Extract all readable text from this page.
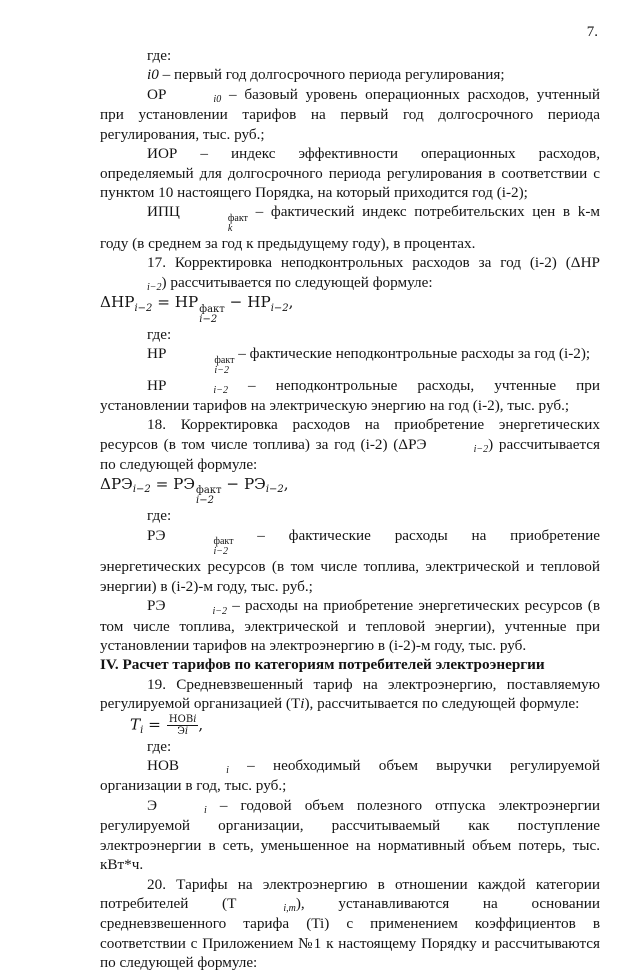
7.

где:

i0 – первый год долгосрочного периода регулирования;

ОР	i0 – базовый уровень операционных расходов, учтенный при установлении тарифов на первый год долгосрочного периода регулирования, тыс. руб.;

ИОР – индекс эффективности операционных расходов, определяемый для долгосрочного периода регулирования в соответствии с пунктом 10 настоящего Порядка, на который приходится год (i-2);

ИПЦ	факт
k
– фактический индекс потребительских цен в k-м году (в среднем за год к предыдущему году), в процентах.

17. Корректировка неподконтрольных расходов за год (i-2) (ΔНРi−2) рассчитывается по следующей формуле:

ΔНРi−2 = НР факт
i−2
− НРi−2,

где:

НР	факт
i−2
– фактические неподконтрольные расходы за год (i-2);

НР	i−2 – неподконтрольные расходы, учтенные при установлении тарифов на электрическую энергию на год (i-2), тыс. руб.;

18. Корректировка расходов на приобретение энергетических ресурсов (в том числе топлива) за год (i-2) (ΔРЭ	i−2) рассчитывается по следующей формуле:

ΔРЭi−2 = РЭ факт
i−2
− РЭi−2,

где:

РЭ	факт
i−2
– фактические расходы на приобретение энергетических ресурсов (в том числе топлива, электрической и тепловой энергии) в (i-2)-м году, тыс. руб.;

РЭ	i−2 – расходы на приобретение энергетических ресурсов (в том числе топлива, электрической и тепловой энергии), учтенные при установлении тарифов на электроэнергию в (i-2)-м году, тыс. руб.

IV. Расчет тарифов по категориям потребителей электроэнергии

19. Средневзвешенный тариф на электроэнергию, поставляемую регулируемой организацией (Тi), рассчитывается по следующей формуле:

$Ti = \frac{\text{НОВi}}{Эi}$ ,

где:

НОВ	i – необходимый объем выручки регулируемой организации в год, тыс. руб.;

Э	i – годовой объем полезного отпуска электроэнергии регулируемой организации, рассчитываемый как поступление электроэнергии в сеть, уменьшенное на нормативный объем потерь, тыс. кВт*ч.

20. Тарифы на электроэнергию в отношении каждой категории потребителей (Т	i,m), устанавливаются на основании средневзвешенного тарифа (Ti) с применением коэффициентов в соответствии с Приложением №1 к настоящему Порядку и рассчитываются по следующей формуле:
